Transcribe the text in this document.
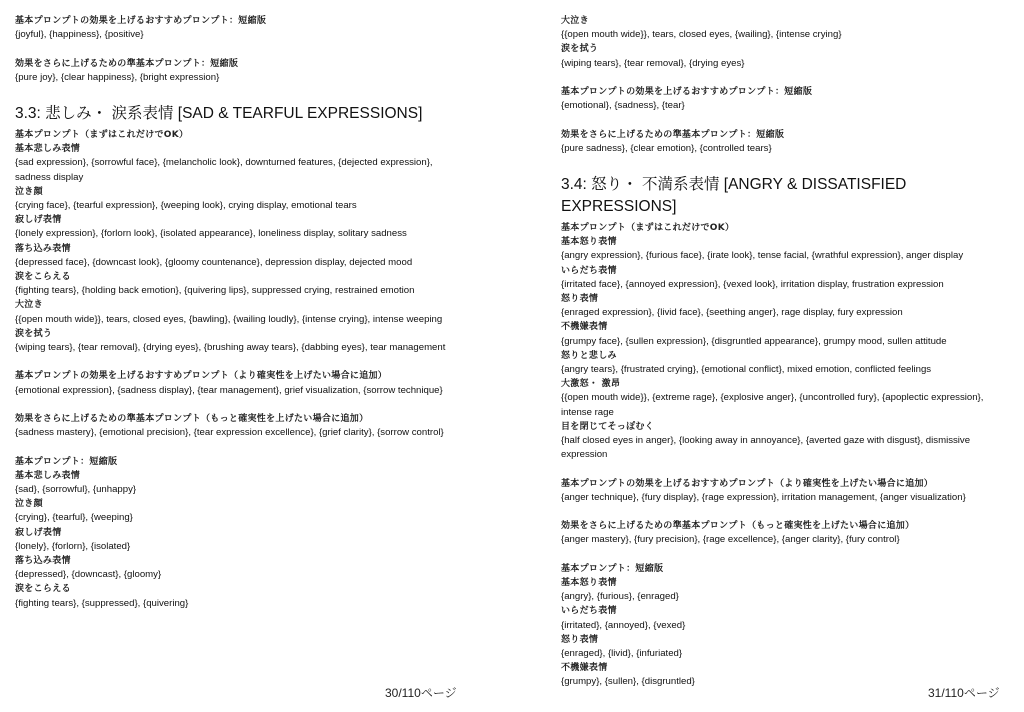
基本プロンプトの効果を上げるおすすめプロンプト：短縮版
{joyful}, {happiness}, {positive}
効果をさらに上げるための準基本プロンプト：短縮版
{pure joy}, {clear happiness}, {bright expression}
3.3: 悲しみ・ 涙系表情 [SAD & TEARFUL EXPRESSIONS]
基本プロンプト（まずはこれだけでOK）
基本悲しみ表情
{sad expression}, {sorrowful face}, {melancholic look}, downturned features, {dejected expression}, sadness display
泣き顔
{crying face}, {tearful expression}, {weeping look}, crying display, emotional tears
寂しげ表情
{lonely expression}, {forlorn look}, {isolated appearance}, loneliness display, solitary sadness
落ち込み表情
{depressed face}, {downcast look}, {gloomy countenance}, depression display, dejected mood
涙をこらえる
{fighting tears}, {holding back emotion}, {quivering lips}, suppressed crying, restrained emotion
大泣き
{{open mouth wide}}, tears, closed eyes, {bawling}, {wailing loudly}, {intense crying}, intense weeping
涙を拭う
{wiping tears}, {tear removal}, {drying eyes}, {brushing away tears}, {dabbing eyes}, tear management
基本プロンプトの効果を上げるおすすめプロンプト（より確実性を上げたい場合に追加）
{emotional expression}, {sadness display}, {tear management}, grief visualization, {sorrow technique}
効果をさらに上げるための準基本プロンプト（もっと確実性を上げたい場合に追加）
{sadness mastery}, {emotional precision}, {tear expression excellence}, {grief clarity}, {sorrow control}
基本プロンプト：短縮版
基本悲しみ表情
{sad}, {sorrowful}, {unhappy}
泣き顔
{crying}, {tearful}, {weeping}
寂しげ表情
{lonely}, {forlorn}, {isolated}
落ち込み表情
{depressed}, {downcast}, {gloomy}
涙をこらえる
{fighting tears}, {suppressed}, {quivering}
大泣き
{{open mouth wide}}, tears, closed eyes, {wailing}, {intense crying}
涙を拭う
{wiping tears}, {tear removal}, {drying eyes}
基本プロンプトの効果を上げるおすすめプロンプト：短縮版
{emotional}, {sadness}, {tear}
効果をさらに上げるための準基本プロンプト：短縮版
{pure sadness}, {clear emotion}, {controlled tears}
3.4: 怒り・ 不満系表情 [ANGRY & DISSATISFIED EXPRESSIONS]
基本プロンプト（まずはこれだけでOK）
基本怒り表情
{angry expression}, {furious face}, {irate look}, tense facial, {wrathful expression}, anger display
いらだち表情
{irritated face}, {annoyed expression}, {vexed look}, irritation display, frustration expression
怒り表情
{enraged expression}, {livid face}, {seething anger}, rage display, fury expression
不機嫌表情
{grumpy face}, {sullen expression}, {disgruntled appearance}, grumpy mood, sullen attitude
怒りと悲しみ
{angry tears}, {frustrated crying}, {emotional conflict}, mixed emotion, conflicted feelings
大激怒・ 激昂
{{open mouth wide}}, {extreme rage}, {explosive anger}, {uncontrolled fury}, {apoplectic expression}, intense rage
目を閉じてそっぽむく
{half closed eyes in anger}, {looking away in annoyance}, {averted gaze with disgust}, dismissive expression
基本プロンプトの効果を上げるおすすめプロンプト（より確実性を上げたい場合に追加）
{anger technique}, {fury display}, {rage expression}, irritation management, {anger visualization}
効果をさらに上げるための準基本プロンプト（もっと確実性を上げたい場合に追加）
{anger mastery}, {fury precision}, {rage excellence}, {anger clarity}, {fury control}
基本プロンプト：短縮版
基本怒り表情
{angry}, {furious}, {enraged}
いらだち表情
{irritated}, {annoyed}, {vexed}
怒り表情
{enraged}, {livid}, {infuriated}
不機嫌表情
{grumpy}, {sullen}, {disgruntled}
30/110ページ	31/110ページ
